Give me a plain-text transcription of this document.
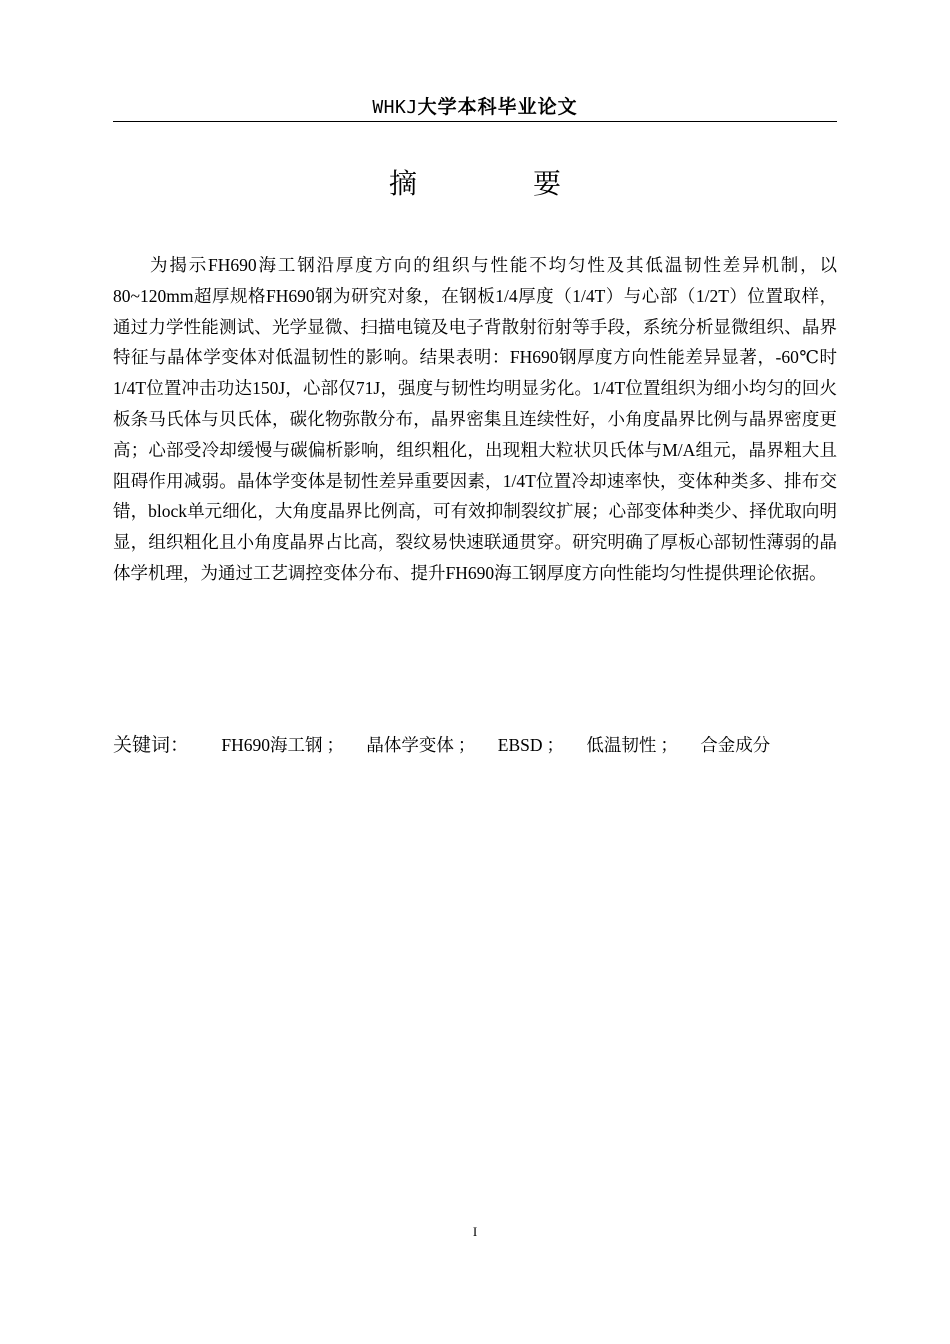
WHKJ大学本科毕业论文
摘　要

为揭示FH690海工钢沿厚度方向的组织与性能不均匀性及其低温韧性差异机制，以 80~120mm超厚规格FH690钢为研究对象，在钢板1/4厚度（1/4T）与心部（1/2T）位置取样，通过力学性能测试、光学显微、扫描电镜及电子背散射衍射等手段，系统分析显微组织、晶界特征与晶体学变体对低温韧性的影响。结果表明：FH690钢厚度方向性能差异显著，-60℃时1/4T位置冲击功达150J，心部仅71J，强度与韧性均明显劣化。1/4T位置组织为细小均匀的回火板条马氏体与贝氏体，碳化物弥散分布，晶界密集且连续性好，小角度晶界比例与晶界密度更高；心部受冷却缓慢与碳偏析影响，组织粗化，出现粗大粒状贝氏体与M/A组元，晶界粗大且阻碍作用减弱。晶体学变体是韧性差异重要因素，1/4T位置冷却速率快，变体种类多、排布交错，block单元细化，大角度晶界比例高，可有效抑制裂纹扩展；心部变体种类少、择优取向明显，组织粗化且小角度晶界占比高，裂纹易快速联通贯穿。研究明确了厚板心部韧性薄弱的晶体学机理，为通过工艺调控变体分布、提升FH690海工钢厚度方向性能均匀性提供理论依据。

关键词： FH690海工钢 ； 晶体学变体 ； EBSD ； 低温韧性 ； 合金成分
I
